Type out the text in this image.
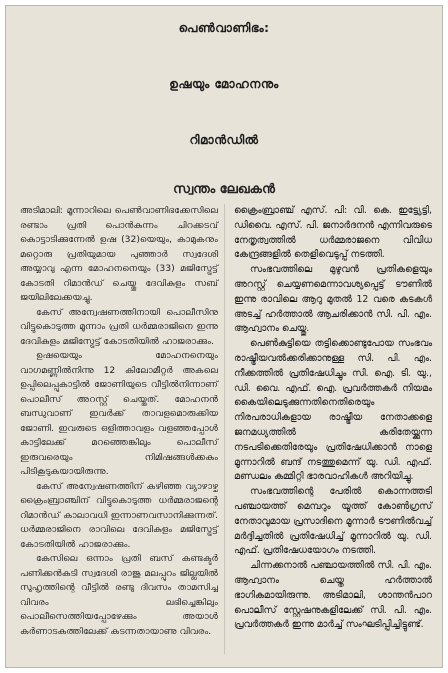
പെൺവാണിഭം:
ഉഷയും മോഹനനും
റിമാൻഡിൽ
സ്വന്തം ലേഖകൻ

അടിമാലി: മൂന്നാറിലെ പെൺവാണിഭക്കേസിലെ രണ്ടാം പ്രതി പൊൻകുന്നം ചിറക്കടവ് കൊട്ടാടിക്കുന്നേൽ ഉഷ (32)യെയും, കാമുകനും മറ്റൊരു പ്രതിയുമായ പുഞ്ഞാർ സ്വദേശി അയ്യാവു എന്ന മോഹനനെയും (33) മജിസ്ട്രേട്ട് കോടതി റിമാൻഡ് ചെയ്തു ദേവികുളം സബ് ജയിലിലേക്കയച്ചു.

കേസ് അന്വേഷണത്തിനായി പൊലീസിനു വിട്ടുകൊടുത്ത മൂന്നാം പ്രതി ധർമ്മരാജിനെ ഇന്നു ദേവികുളം മജിസ്ട്രേട്ട് കോടതിയിൽ ഹാജരാക്കും.

ഉഷയെയും മോഹനനെയും വാഗമണ്ണിൽനിന്നു 12 കിലോമീറ്റർ അകലെ ഉപ്പിലെപ്പുകാട്ടിൽ ജോണിയുടെ വീട്ടിൽനിന്നാണ് പൊലീസ് അറസ്റ്റ് ചെയ്തത്. മോഹനൻ ബന്ധുവാണ് ഇവർക്ക് താവളമൊരുക്കിയ ജോണി. ഇവരുടെ ഒളിത്താവളം വളഞ്ഞപ്പോൾ കാട്ടിലേക്ക് മറഞ്ഞെങ്കിലും പൊലീസ് ഇരുവരെയും നിമിഷങ്ങൾക്കകം പിടികൂടുകയായിരുന്നു.

കേസ് അന്വേഷണത്തിന് കഴിഞ്ഞ വ്യാഴാഴ്ച ക്രൈംബ്രാഞ്ചിന് വിട്ടുകൊടുത്ത ധർമ്മരാജന്റെ റിമാൻഡ് കാലാവധി ഇന്നാണവസാനിക്കുന്നത്. ധർമ്മരാജിനെ രാവിലെ ദേവികുളം മജിസ്ട്രേട്ട് കോടതിയിൽ ഹാജരാക്കും.

കേസിലെ ഒന്നാം പ്രതി ബസ് കണ്ടക്ടർ പണിക്കൻകുടി സ്വദേശി രാജു മലപ്പുറം ജില്ലയിൽ സുഹൃത്തിന്റെ വീട്ടിൽ രണ്ടു ദിവസം താമസിച്ച വിവരം ലഭിച്ചെങ്കിലും പൊലീസെത്തിയപ്പോഴേക്കും അയാൾ കർണാടകത്തിലേക്ക് കടന്നതായാണു വിവരം.

ക്രൈംബ്രാഞ്ച് എസ്. പി: വി. കെ. ഇട്ട്യേട്ടി, ഡിവൈ. എസ്. പി. ജനാർദനൻ എന്നിവരുടെ നേതൃത്വത്തിൽ ധർമ്മരാജനെ വിവിധ കേന്ദ്രങ്ങളിൽ തെളിവെടുപ്പ് നടത്തി.

സംഭവത്തിലെ മുഴുവൻ പ്രതികളെയും അറസ്റ്റ് ചെയ്യണമെന്നാവശ്യപ്പെട്ട് ടൗണിൽ ഇന്നു രാവിലെ ആറു മുതൽ 12 വരെ കടകൾ അടച്ച് ഹർത്താൽ ആചരിക്കാൻ സി. പി. എം. ആഹ്വാനം ചെയ്തു.

പെൺകുട്ടിയെ തട്ടിക്കൊണ്ടുപോയ സംഭവം രാഷ്ട്രീയവൽക്കരിക്കാനുള്ള സി. പി. എം. നീക്കത്തിൽ പ്രതിഷേധിച്ചും സി. ഐ. ടി. യു., ഡി. വൈ. എഫ്. ഐ. പ്രവർത്തകർ നിയമം കൈയിലെടുക്കുന്നതിനെതിരെയും നിരപരാധികളായ രാഷ്ട്രീയ നേതാക്കളെ ജനമധ്യത്തിൽ കരിതേയ്ക്കുന്ന നടപടിക്കെതിരേയും പ്രതിഷേധിക്കാൻ നാളെ മൂന്നാറിൽ ബന്ദ് നടത്തുമെന്ന് യു. ഡി. എഫ്. മണ്ഡലം കമ്മിറ്റി ഭാരവാഹികൾ അറിയിച്ചു.

സംഭവത്തിന്റെ പേരിൽ കൊന്നത്തടി പഞ്ചായത്ത് മെമ്പറും യൂത്ത് കോൺഗ്രസ് നേതാവുമായ പ്രസാദിനെ മൂന്നാർ ടൗണിൽവച്ച് മർദ്ദിച്ചതിൽ പ്രതിഷേധിച്ച് മൂന്നാറിൽ യു. ഡി. എഫ്. പ്രതിഷേധയോഗം നടത്തി.

ചിന്നക്കനാൽ പഞ്ചായത്തിൽ സി. പി. എം. ആഹ്വാനം ചെയ്ത ഹർത്താൽ ഭാഗികമായിരുന്നു. അടിമാലി, ശാന്തൻപാറ പൊലീസ് സ്റ്റേഷനുകളിലേക്ക് സി. പി. എം. പ്രവർത്തകർ ഇന്നു മാർച്ച് സംഘടിപ്പിച്ചിട്ടുണ്ട്.
